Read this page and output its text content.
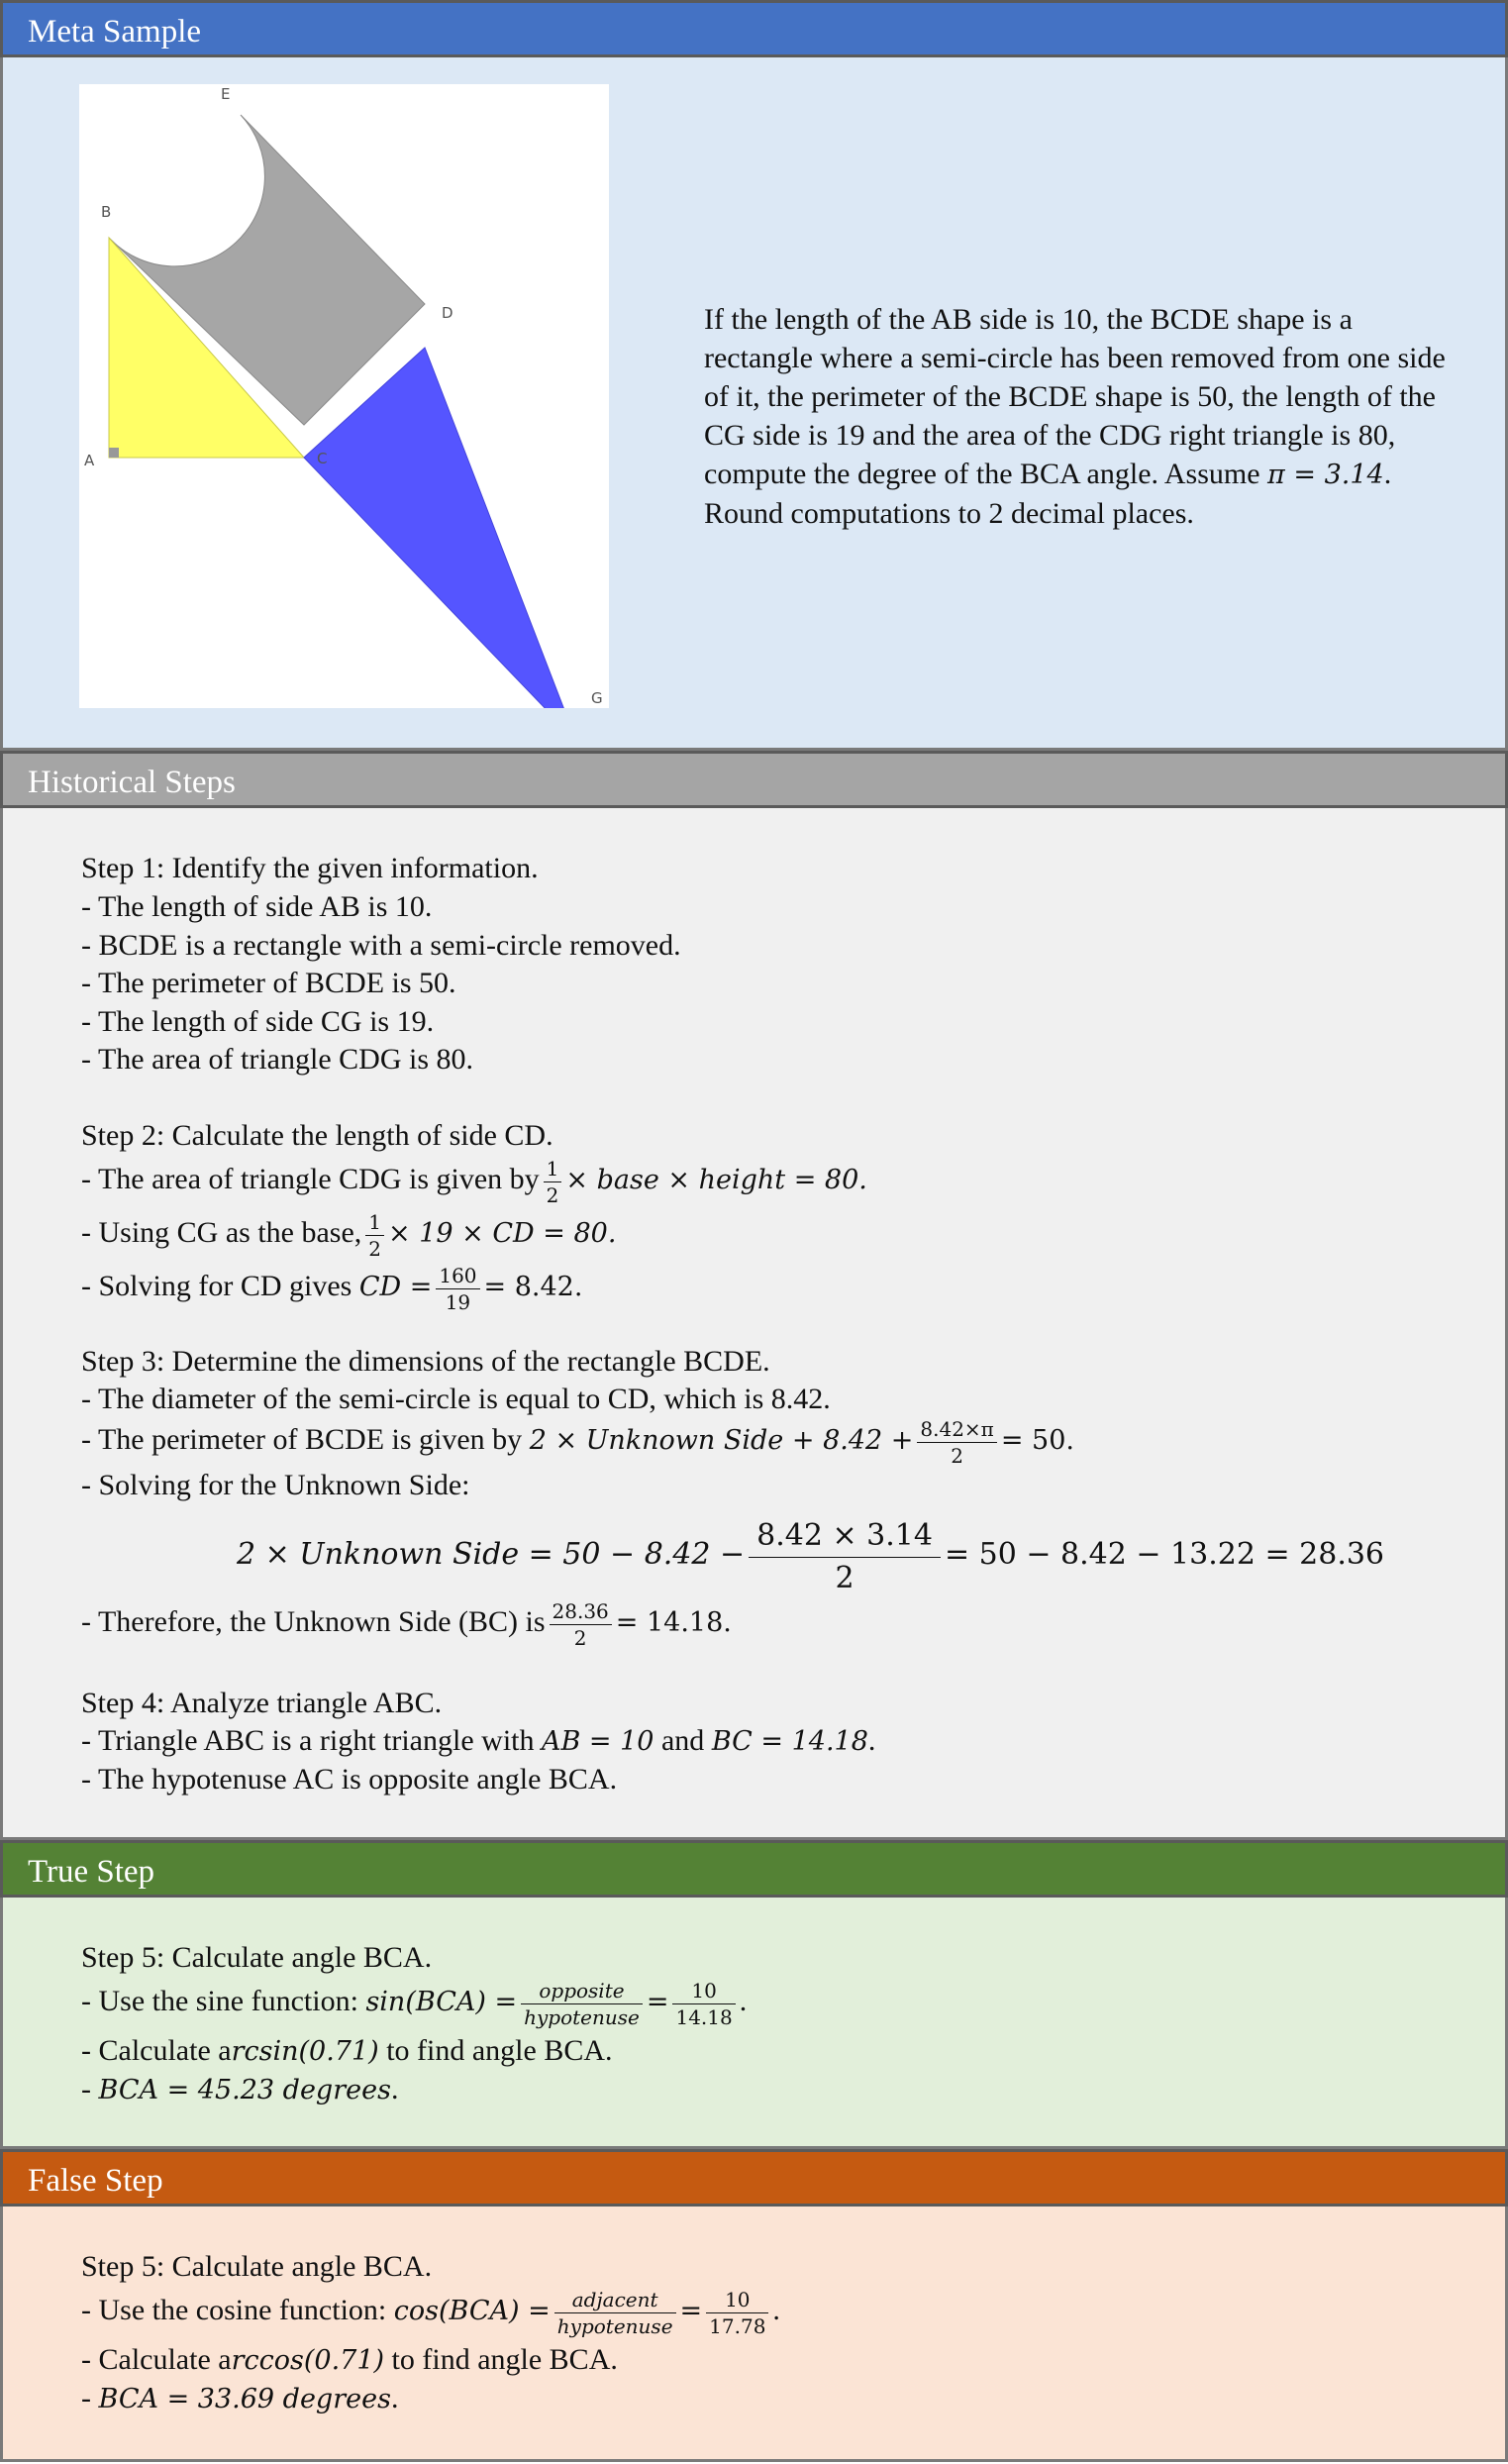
Meta Sample
A
B
C
D
E
G
If the length of the AB side is 10, the BCDE shape is a rectangle where a semi-circle has been removed from one side of it, the perimeter of the BCDE shape is 50, the length of the CG side is 19 and the area of the CDG right triangle is 80, compute the degree of the BCA angle. Assume π = 3.14. Round computations to 2 decimal places.
Historical Steps
Step 1: Identify the given information.
- The length of side AB is 10.
- BCDE is a rectangle with a semi-circle removed.
- The perimeter of BCDE is 50.
- The length of side CG is 19.
- The area of triangle CDG is 80.
Step 2: Calculate the length of side CD.
- The area of triangle CDG is given by $\frac{1}{2}$ × base × height = 80.
- Using CG as the base, $\frac{1}{2} \times 19$ × CD = 80.
- Solving for CD gives CD = $\frac{160}{19} = 8.42$.
Step 3: Determine the dimensions of the rectangle BCDE.
- The diameter of the semi-circle is equal to CD, which is 8.42.
- The perimeter of BCDE is given by 2 × Unknown Side + $8.42 + \frac{8.42\times\pi}{2} = 50$.
- Solving for the Unknown Side:
2 × Unknown Side = $50 - 8.42 - \frac{8.42 \times 3.14}{2} = 50 - 8.42 - 13.22 = 28.36$
- Therefore, the Unknown Side (BC) is $\frac{28.36}{2} = 14.18$.
Step 4: Analyze triangle ABC.
- Triangle ABC is a right triangle with AB = 10 and BC = 14.18.
- The hypotenuse AC is opposite angle BCA.
True Step
Step 5: Calculate angle BCA.
- Use the sine function: $\sin(BCA) = \frac{\text{opposite}}{\text{hypotenuse}} = \frac{10}{14.18}$ .
- Calculate arcsin(0.71) to find angle BCA.
- BCA = 45.23 degrees.
False Step
Step 5: Calculate angle BCA.
- Use the cosine function: $\cos(BCA) = \frac{\text{adjacent}}{\text{hypotenuse}} = \frac{10}{17.78}$ .
- Calculate arccos(0.71) to find angle BCA.
- BCA = 33.69 degrees.
